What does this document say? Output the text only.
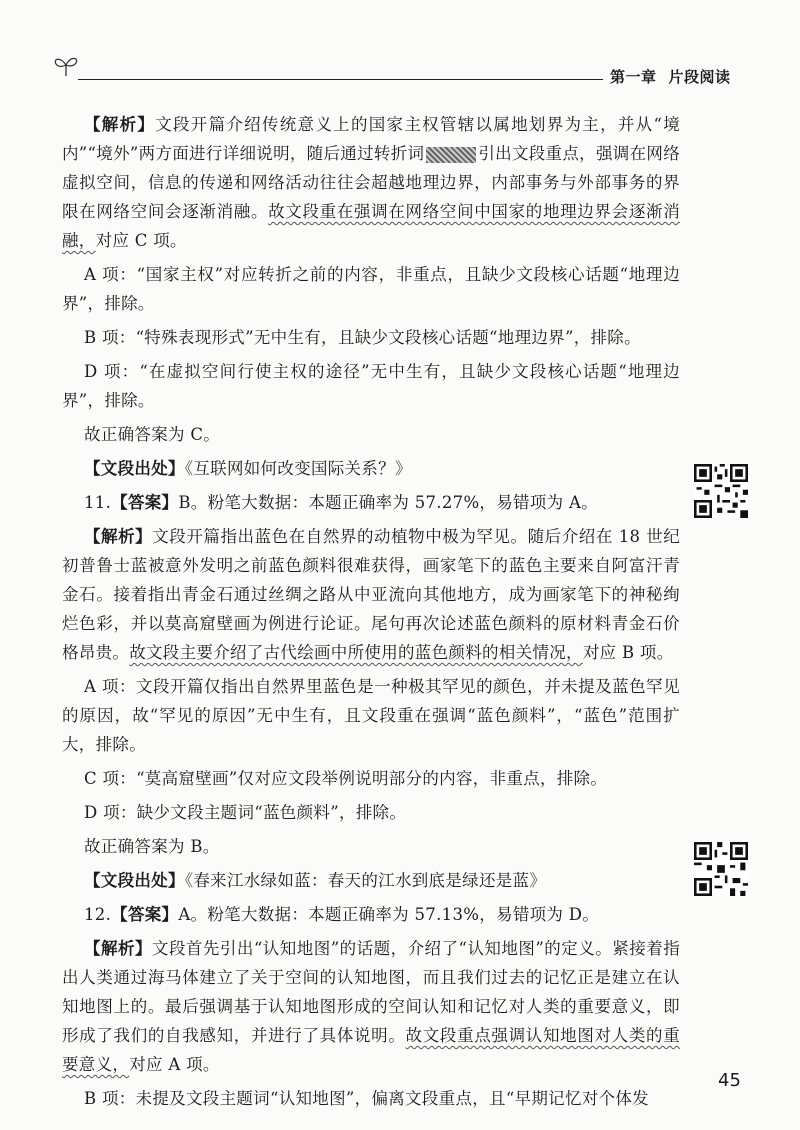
第一章 片段阅读

【解析】文段开篇介绍传统意义上的国家主权管辖以属地划界为主，并从“境内”“境外”两方面进行详细说明，随后通过转折词	引出文段重点，强调在网络虚拟空间，信息的传递和网络活动往往会超越地理边界，内部事务与外部事务的界限在网络空间会逐渐消融。故文段重在强调在网络空间中国家的地理边界会逐渐消融，对应 C 项。

A 项：“国家主权”对应转折之前的内容，非重点，且缺少文段核心话题“地理边界”，排除。

B 项：“特殊表现形式”无中生有，且缺少文段核心话题“地理边界”，排除。

D 项：“在虚拟空间行使主权的途径”无中生有，且缺少文段核心话题“地理边界”，排除。

故正确答案为 C。

【文段出处】《互联网如何改变国际关系？》

11.【答案】B。粉笔大数据：本题正确率为 57.27%，易错项为 A。

【解析】文段开篇指出蓝色在自然界的动植物中极为罕见。随后介绍在 18 世纪初普鲁士蓝被意外发明之前蓝色颜料很难获得，画家笔下的蓝色主要来自阿富汗青金石。接着指出青金石通过丝绸之路从中亚流向其他地方，成为画家笔下的神秘绚烂色彩，并以莫高窟壁画为例进行论证。尾句再次论述蓝色颜料的原材料青金石价格昂贵。故文段主要介绍了古代绘画中所使用的蓝色颜料的相关情况，对应 B 项。

A 项：文段开篇仅指出自然界里蓝色是一种极其罕见的颜色，并未提及蓝色罕见的原因，故“罕见的原因”无中生有，且文段重在强调“蓝色颜料”，“蓝色”范围扩大，排除。

C 项：“莫高窟壁画”仅对应文段举例说明部分的内容，非重点，排除。

D 项：缺少文段主题词“蓝色颜料”，排除。

故正确答案为 B。

【文段出处】《春来江水绿如蓝：春天的江水到底是绿还是蓝》

12.【答案】A。粉笔大数据：本题正确率为 57.13%，易错项为 D。

【解析】文段首先引出“认知地图”的话题，介绍了“认知地图”的定义。紧接着指出人类通过海马体建立了关于空间的认知地图，而且我们过去的记忆正是建立在认知地图上的。最后强调基于认知地图形成的空间认知和记忆对人类的重要意义，即形成了我们的自我感知，并进行了具体说明。故文段重点强调认知地图对人类的重要意义，对应 A 项。

B 项：未提及文段主题词“认知地图”，偏离文段重点，且“早期记忆对个体发

45
